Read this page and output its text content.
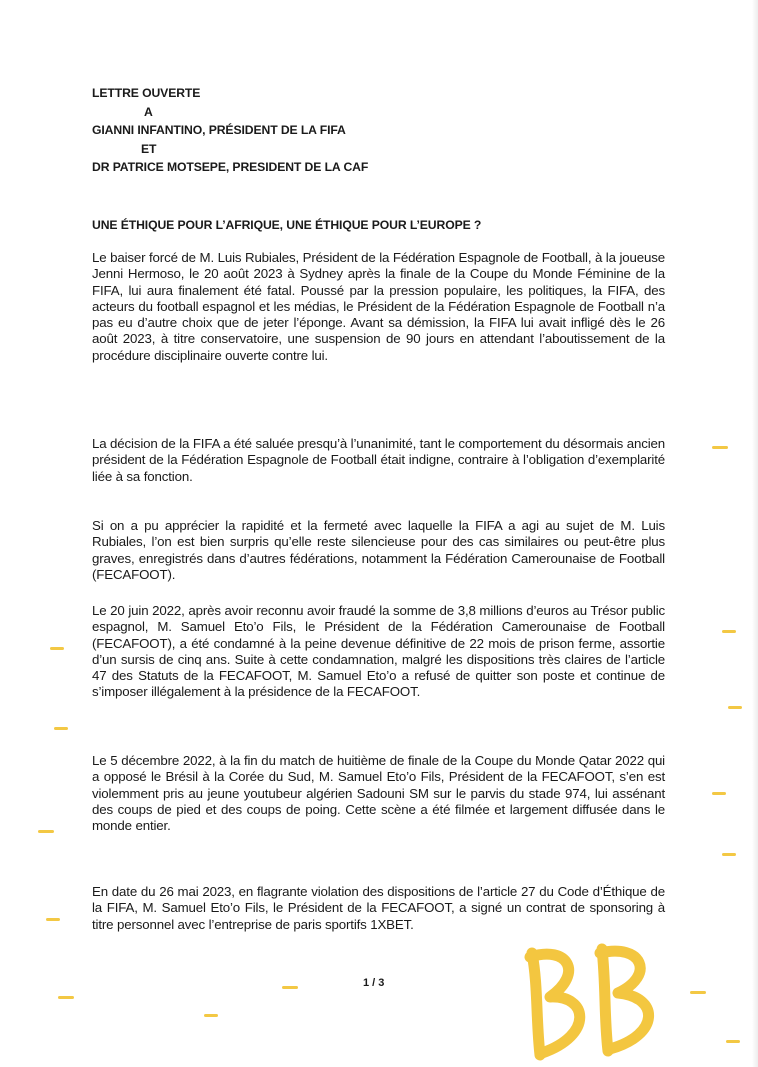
LETTRE OUVERTE
A
GIANNI INFANTINO, PRÉSIDENT DE LA FIFA
ET
DR PATRICE MOTSEPE, PRESIDENT DE LA CAF
UNE ÉTHIQUE POUR L’AFRIQUE, UNE ÉTHIQUE POUR L’EUROPE ?

Le baiser forcé de M. Luis Rubiales, Président de la Fédération Espagnole de Football, à la joueuse Jenni Hermoso, le 20 août 2023 à Sydney après la finale de la Coupe du Monde Féminine de la FIFA, lui aura finalement été fatal. Poussé par la pression populaire, les politiques, la FIFA, des acteurs du football espagnol et les médias, le Président de la Fédération Espagnole de Football n’a pas eu d’autre choix que de jeter l’éponge. Avant sa démission, la FIFA lui avait infligé dès le 26 août 2023, à titre conservatoire, une suspension de 90 jours en attendant l’aboutissement de la procédure disciplinaire ouverte contre lui.

La décision de la FIFA a été saluée presqu’à l’unanimité, tant le comportement du désormais ancien président de la Fédération Espagnole de Football était indigne, contraire à l’obligation d’exemplarité liée à sa fonction.

Si on a pu apprécier la rapidité et la fermeté avec laquelle la FIFA a agi au sujet de M. Luis Rubiales, l’on est bien surpris qu’elle reste silencieuse pour des cas similaires ou peut-être plus graves, enregistrés dans d’autres fédérations, notamment la Fédération Camerounaise de Football (FECAFOOT).

Le 20 juin 2022, après avoir reconnu avoir fraudé la somme de 3,8 millions d’euros au Trésor public espagnol, M. Samuel Eto’o Fils, le Président de la Fédération Camerounaise de Football (FECAFOOT), a été condamné à la peine devenue définitive de 22 mois de prison ferme, assortie d’un sursis de cinq ans. Suite à cette condamnation, malgré les dispositions très claires de l’article 47 des Statuts de la FECAFOOT, M. Samuel Eto’o a refusé de quitter son poste et continue de s’imposer illégalement à la présidence de la FECAFOOT.

Le 5 décembre 2022, à la fin du match de huitième de finale de la Coupe du Monde Qatar 2022 qui a opposé le Brésil à la Corée du Sud, M. Samuel Eto’o Fils, Président de la FECAFOOT, s’en est violemment pris au jeune youtubeur algérien Sadouni SM sur le parvis du stade 974, lui assénant des coups de pied et des coups de poing. Cette scène a été filmée et largement diffusée dans le monde entier.

En date du 26 mai 2023, en flagrante violation des dispositions de l’article 27 du Code d’Éthique de la FIFA, M. Samuel Eto’o Fils, le Président de la FECAFOOT, a signé un contrat de sponsoring à titre personnel avec l’entreprise de paris sportifs 1XBET.

1 / 3
